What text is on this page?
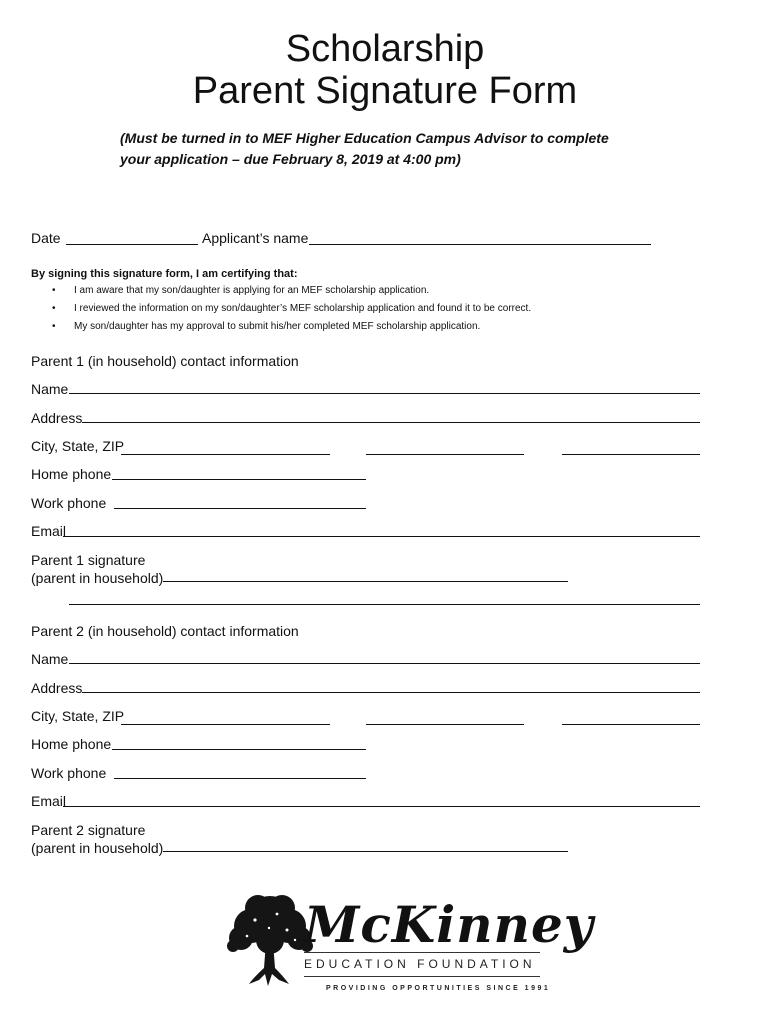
Scholarship
Parent Signature Form
(Must be turned in to MEF Higher Education Campus Advisor to complete
your application – due February 8, 2019 at 4:00 pm)
Date	Applicant’s name
By signing this signature form, I am certifying that:
• I am aware that my son/daughter is applying for an MEF scholarship application.
• I reviewed the information on my son/daughter’s MEF scholarship application and found it to be correct.
• My son/daughter has my approval to submit his/her completed MEF scholarship application.
Parent 1 (in household) contact information
Name
Address
City, State, ZIP
Home phone
Work phone
Email
Parent 1 signature
(parent in household)
Parent 2 (in household) contact information
Name
Address
City, State, ZIP
Home phone
Work phone
Email
Parent 2 signature
(parent in household)
McKinney
EDUCATION FOUNDATION
PROVIDING OPPORTUNITIES SINCE 1991
